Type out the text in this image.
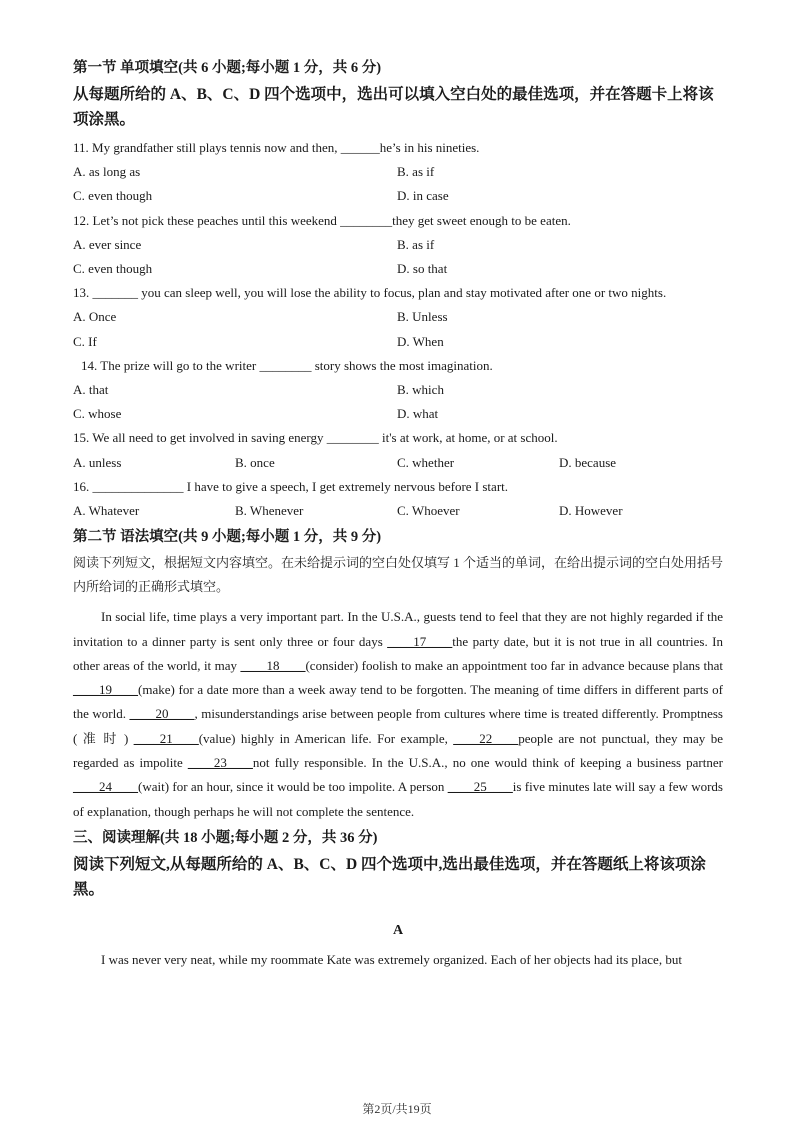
第一节 单项填空(共 6 小题;每小题 1 分，共 6 分)

从每题所给的 A、B、C、D 四个选项中，选出可以填入空白处的最佳选项，并在答题卡上将该项涂黑。

11. My grandfather still plays tennis now and then, ______he’s in his nineties.

A. as long as	B. as if
C. even though	D. in case

12. Let’s not pick these peaches until this weekend ________they get sweet enough to be eaten.

A. ever since	B. as if
C. even though	D. so that

13. _______ you can sleep well, you will lose the ability to focus, plan and stay motivated after one or two nights.

A. Once	B. Unless
C. If	D. When

14. The prize will go to the writer ________ story shows the most imagination.

A. that	B. which
C. whose	D. what

15. We all need to get involved in saving energy ________ it's at work, at home, or at school.

A. unless	B. once	C. whether	D. because

16. ______________ I have to give a speech, I get extremely nervous before I start.

A. Whatever	B. Whenever	C. Whoever	D. However

第二节 语法填空(共 9 小题;每小题 1 分，共 9 分)

阅读下列短文，根据短文内容填空。在未给提示词的空白处仅填写 1 个适当的单词，在给出提示词的空白处用括号内所给词的正确形式填空。

In social life, time plays a very important part. In the U.S.A., guests tend to feel that they are not highly regarded if the invitation to a dinner party is sent only three or four days ____17____the party date, but it is not true in all countries. In other areas of the world, it may ____18____(consider) foolish to make an appointment too far in advance because plans that ____19____(make) for a date more than a week away tend to be forgotten. The meaning of time differs in different parts of the world. ____20____, misunderstandings arise between people from cultures where time is treated differently. Promptness ( 准 时 ) ____21____(value) highly in American life. For example, ____22____people are not punctual, they may be regarded as impolite ____23____not fully responsible. In the U.S.A., no one would think of keeping a business partner ____24____(wait) for an hour, since it would be too impolite. A person ____25____is five minutes late will say a few words of explanation, though perhaps he will not complete the sentence.

三、阅读理解(共 18 小题;每小题 2 分，共 36 分)

阅读下列短文,从每题所给的 A、B、C、D 四个选项中,选出最佳选项，并在答题纸上将该项涂黑。

A

I was never very neat, while my roommate Kate was extremely organized. Each of her objects had its place, but

第2页/共19页
